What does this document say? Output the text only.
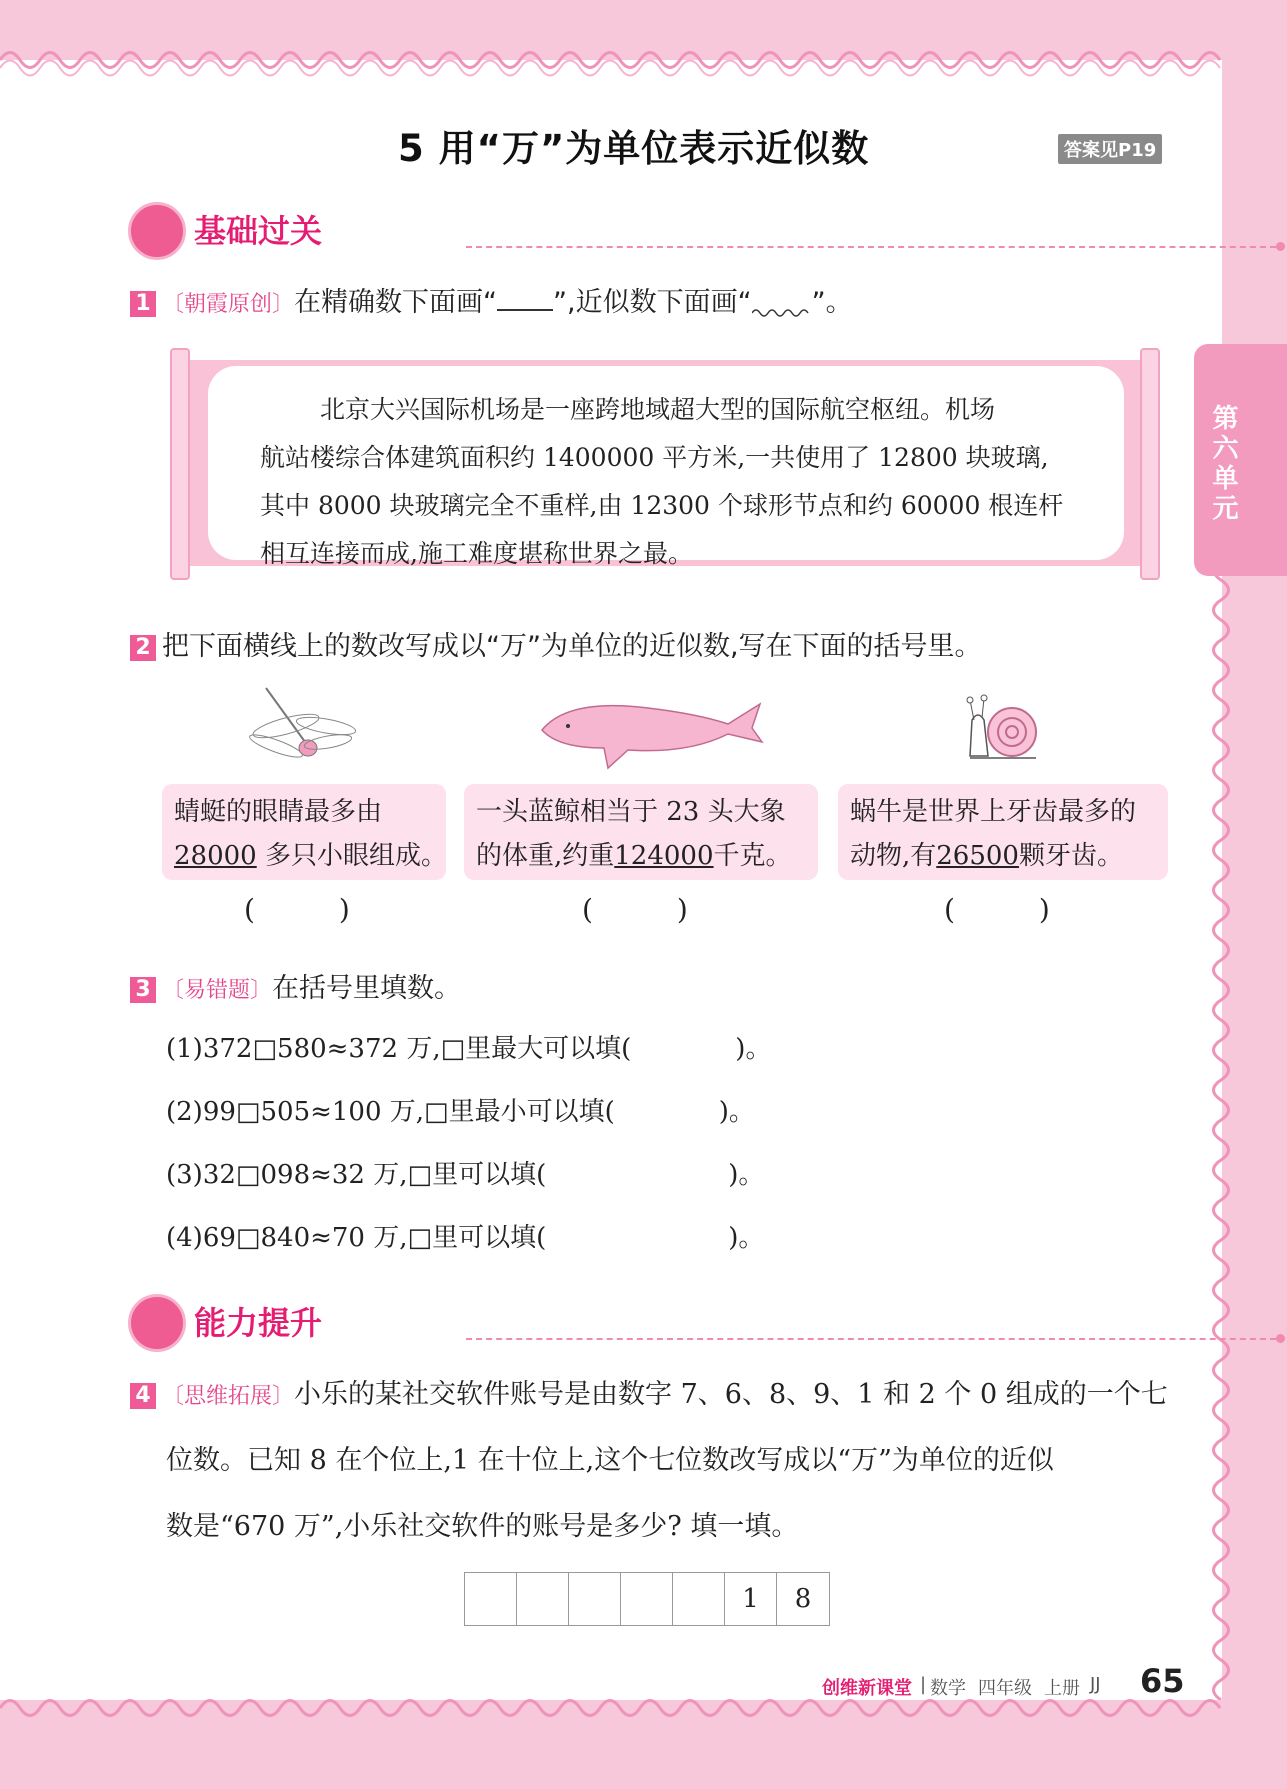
第六单元
5 用“万”为单位表示近似数	答案见P19
基础过关

1 〔朝霞原创〕在精确数下面画“ ”,近似数下面画“ ”。
北京大兴国际机场是一座跨地域超大型的国际航空枢纽。机场
航站楼综合体建筑面积约 1400000 平方米,一共使用了 12800 块玻璃,
其中 8000 块玻璃完全不重样,由 12300 个球形节点和约 60000 根连杆
相互连接而成,施工难度堪称世界之最。
2 把下面横线上的数改写成以“万”为单位的近似数,写在下面的括号里。
蜻蜓的眼睛最多由
28000 多只小眼组成。
一头蓝鲸相当于 23 头大象
的体重,约重124000千克。
蜗牛是世界上牙齿最多的
动物,有26500颗牙齿。
(　　　)	(　　　)	(　　　)
3 〔易错题〕在括号里填数。
(1)372□580≈372 万,□里最大可以填(　　　　)。
(2)99□505≈100 万,□里最小可以填(　　　　)。
(3)32□098≈32 万,□里可以填(　　　　　　　)。
(4)69□840≈70 万,□里可以填(　　　　　　　)。
能力提升

4 〔思维拓展〕小乐的某社交软件账号是由数字 7、6、8、9、1 和 2 个 0 组成的一个七
位数。已知 8 在个位上,1 在十位上,这个七位数改写成以“万”为单位的近似
数是“670 万”,小乐社交软件的账号是多少? 填一填。
1	8
创维新课堂 | 数学 四年级 上册 JJ 65
